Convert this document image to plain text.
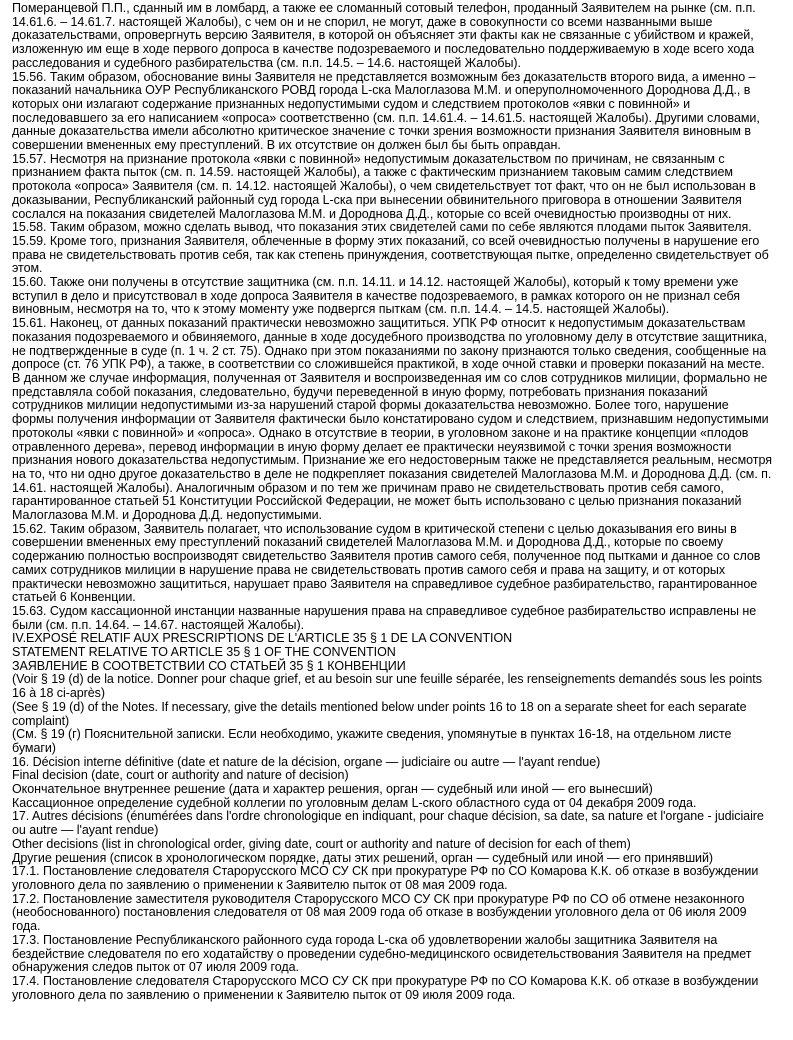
Померанцевой П.П., сданный им в ломбард, а также ее сломанный сотовый телефон, проданный Заявителем на рынке (см. п.п. 14.61.6. – 14.61.7. настоящей Жалобы), с чем он и не спорил, не могут, даже в совокупности со всеми названными выше доказательствами, опровергнуть версию Заявителя, в которой он объясняет эти факты как не связанные с убийством и кражей, изложенную им еще в ходе первого допроса в качестве подозреваемого и последовательно поддерживаемую в ходе всего хода расследования и судебного разбирательства (см. п.п. 14.5. – 14.6. настоящей Жалобы).
15.56. Таким образом, обоснование вины Заявителя не представляется возможным без доказательств второго вида, а именно – показаний начальника ОУР Республиканского РОВД города L-ска Малоглазова М.М. и оперуполномоченного Дороднова Д.Д., в которых они излагают содержание признанных недопустимыми судом и следствием протоколов «явки с повинной» и последовавшего за его написанием «опроса» соответственно (см. п.п. 14.61.4. – 14.61.5. настоящей Жалобы). Другими словами, данные доказательства имели абсолютно критическое значение с точки зрения возможности признания Заявителя виновным в совершении вмененных ему преступлений. В их отсутствие он должен был бы быть оправдан.
15.57. Несмотря на признание протокола «явки с повинной» недопустимым доказательством по причинам, не связанным с признанием факта пыток (см. п. 14.59. настоящей Жалобы), а также с фактическим признанием таковым самим следствием протокола «опроса» Заявителя (см. п. 14.12. настоящей Жалобы), о чем свидетельствует тот факт, что он не был использован в доказывании, Республиканский районный суд города L-ска при вынесении обвинительного приговора в отношении Заявителя сослался на показания свидетелей Малоглазова М.М. и Дороднова Д.Д., которые со всей очевидностью производны от них.
15.58. Таким образом, можно сделать вывод, что показания этих свидетелей сами по себе являются плодами пыток Заявителя.
15.59. Кроме того, признания Заявителя, облеченные в форму этих показаний, со всей очевидностью получены в нарушение его права не свидетельствовать против себя, так как степень принуждения, соответствующая пытке, определенно свидетельствует об этом.
15.60. Также они получены в отсутствие защитника (см. п.п. 14.11. и 14.12. настоящей Жалобы), который к тому времени уже вступил в дело и присутствовал в ходе допроса Заявителя в качестве подозреваемого, в рамках которого он не признал себя виновным, несмотря на то, что к этому моменту уже подвергся пыткам (см. п.п. 14.4. – 14.5. настоящей Жалобы).
15.61. Наконец, от данных показаний практически невозможно защититься. УПК РФ относит к недопустимым доказательствам показания подозреваемого и обвиняемого, данные в ходе досудебного производства по уголовному делу в отсутствие защитника, не подтвержденные в суде (п. 1 ч. 2 ст. 75). Однако при этом показаниями по закону признаются только сведения, сообщенные на допросе (ст. 76 УПК РФ), а также, в соответствии со сложившейся практикой, в ходе очной ставки и проверки показаний на месте. В данном же случае информация, полученная от Заявителя и воспроизведенная им со слов сотрудников милиции, формально не представляла собой показания, следовательно, будучи переведенной в иную форму, потребовать признания показаний сотрудников милиции недопустимыми из-за нарушений старой формы доказательства невозможно. Более того, нарушение формы получения информации от Заявителя фактически было констатировано судом и следствием, признавшим недопустимыми протоколы «явки с повинной» и «опроса». Однако в отсутствие в теории, в уголовном законе и на практике концепции «плодов отравленного дерева», перевод информации в иную форму делает ее практически неуязвимой с точки зрения возможности признания нового доказательства недопустимым. Признание же его недостоверным также не представляется реальным, несмотря на то, что ни одно другое доказательство в деле не подкрепляет показания свидетелей Малоглазова М.М. и Дороднова Д.Д. (см. п. 14.61. настоящей Жалобы). Аналогичным образом и по тем же причинам право не свидетельствовать против себя самого, гарантированное статьей 51 Конституции Российской Федерации, не может быть использовано с целью признания показаний Малоглазова М.М. и Дороднова Д.Д. недопустимыми.
15.62. Таким образом, Заявитель полагает, что использование судом в критической степени с целью доказывания его вины в совершении вмененных ему преступлений показаний свидетелей Малоглазова М.М. и Дороднова Д.Д., которые по своему содержанию полностью воспроизводят свидетельство Заявителя против самого себя, полученное под пытками и данное со слов самих сотрудников милиции в нарушение права не свидетельствовать против самого себя и права на защиту, и от которых практически невозможно защититься, нарушает право Заявителя на справедливое судебное разбирательство, гарантированное статьей 6 Конвенции.
15.63. Судом кассационной инстанции названные нарушения права на справедливое судебное разбирательство исправлены не были (см. п.п. 14.64. – 14.67. настоящей Жалобы).
IV.EXPOSÉ RELATIF AUX PRESCRIPTIONS DE L'ARTICLE 35 § 1 DE LA CONVENTION
STATEMENT RELATIVE TO ARTICLE 35 § 1 OF THE CONVENTION
ЗАЯВЛЕНИЕ В СООТВЕТСТВИИ СО СТАТЬЕЙ 35 § 1 КОНВЕНЦИИ
(Voir § 19 (d) de la notice. Donner pour chaque grief, et au besoin sur une feuille séparée, les renseignements demandés sous les points 16 à 18 ci-après)
(See § 19 (d) of the Notes. If necessary, give the details mentioned below under points 16 to 18 on a separate sheet for each separate complaint)
(См. § 19 (г) Пояснительной записки. Если необходимо, укажите сведения, упомянутые в пунктах 16-18, на отдельном листе бумаги)
16. Décision interne définitive (date et nature de la décision, organe — judiciaire ou autre — l'ayant rendue)
Final decision (date, court or authority and nature of decision)
Окончательное внутреннее решение (дата и характер решения, орган — судебный или иной — его вынесший)
Кассационное определение судебной коллегии по уголовным делам L-ского областного суда от 04 декабря 2009 года.
17. Autres décisions (énumérées dans l'ordre chronologique en indiquant, pour chaque décision, sa date, sa nature et l'organe - judiciaire ou autre — l'ayant rendue)
Other decisions (list in chronological order, giving date, court or authority and nature of decision for each of them)
Другие решения (список в хронологическом порядке, даты этих решений, орган — судебный или иной — его принявший)
17.1. Постановление следователя Старорусского МСО СУ СК при прокуратуре РФ по СО Комарова К.К. об отказе в возбуждении уголовного дела по заявлению о применении к Заявителю пыток от 08 мая 2009 года.
17.2. Постановление заместителя руководителя Старорусского МСО СУ СК при прокуратуре РФ по СО об отмене незаконного (необоснованного) постановления следователя от 08 мая 2009 года об отказе в возбуждении уголовного дела от 06 июля 2009 года.
17.3. Постановление Республиканского районного суда города L-ска об удовлетворении жалобы защитника Заявителя на бездействие следователя по его ходатайству о проведении судебно-медицинского освидетельствования Заявителя на предмет обнаружения следов пыток от 07 июля 2009 года.
17.4. Постановление следователя Старорусского МСО СУ СК при прокуратуре РФ по СО Комарова К.К. об отказе в возбуждении уголовного дела по заявлению о применении к Заявителю пыток от 09 июля 2009 года.
